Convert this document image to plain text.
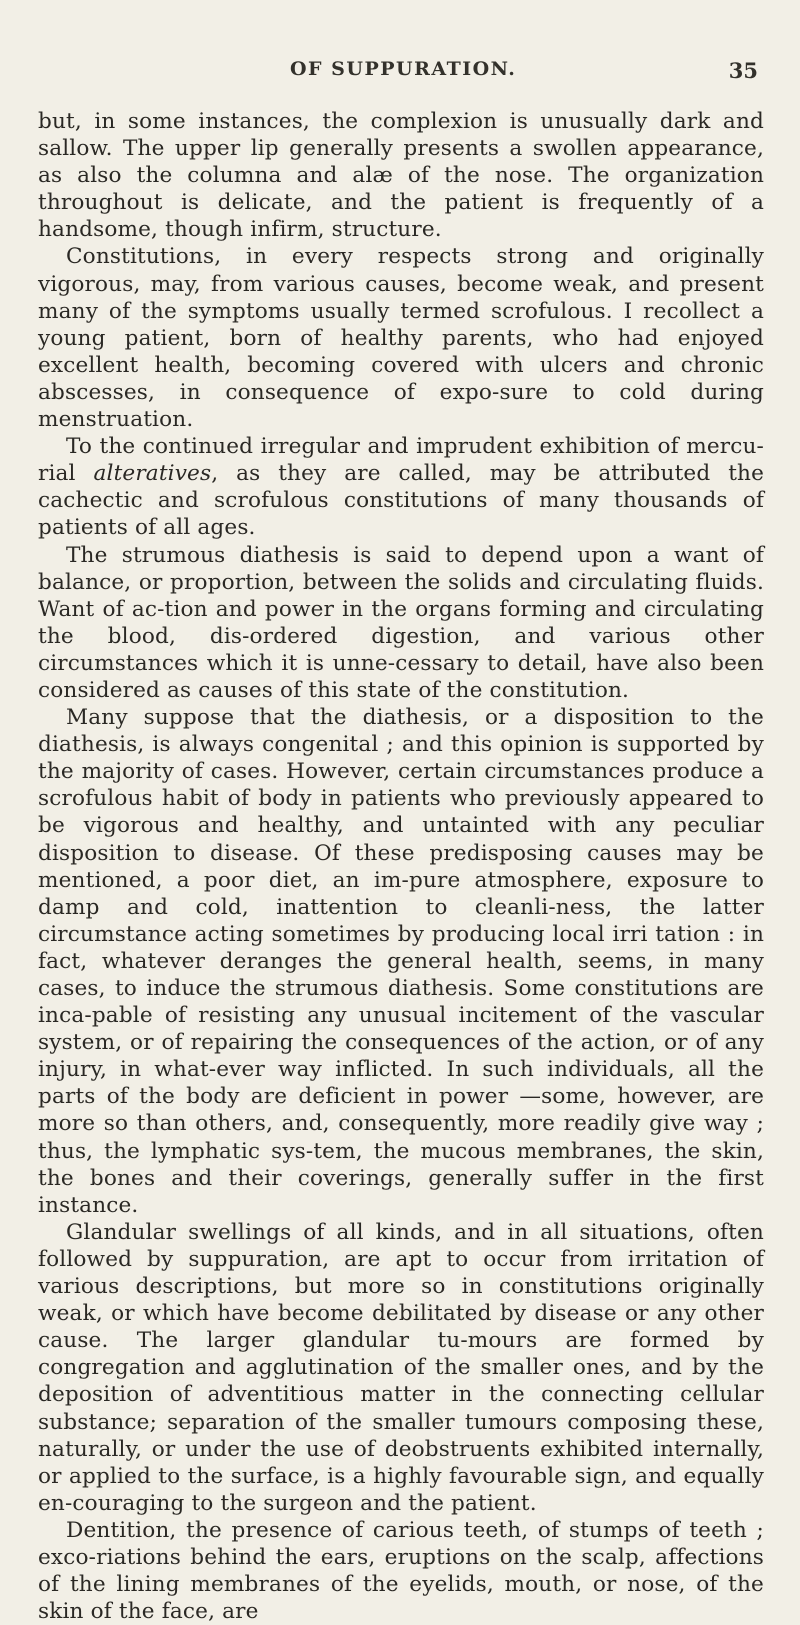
OF SUPPURATION.	35

but, in some instances, the complexion is unusually dark and sallow. The upper lip generally presents a swollen appearance, as also the columna and alæ of the nose. The organization throughout is delicate, and the patient is frequently of a handsome, though infirm, structure.

Constitutions, in every respects strong and originally vigorous, may, from various causes, become weak, and present many of the symptoms usually termed scrofulous. I recollect a young patient, born of healthy parents, who had enjoyed excellent health, becoming covered with ulcers and chronic abscesses, in consequence of expo-sure to cold during menstruation.

To the continued irregular and imprudent exhibition of mercu-rial alteratives, as they are called, may be attributed the cachectic and scrofulous constitutions of many thousands of patients of all ages.

The strumous diathesis is said to depend upon a want of balance, or proportion, between the solids and circulating fluids. Want of ac-tion and power in the organs forming and circulating the blood, dis-ordered digestion, and various other circumstances which it is unne-cessary to detail, have also been considered as causes of this state of the constitution.

Many suppose that the diathesis, or a disposition to the diathesis, is always congenital ; and this opinion is supported by the majority of cases. However, certain circumstances produce a scrofulous habit of body in patients who previously appeared to be vigorous and healthy, and untainted with any peculiar disposition to disease. Of these predisposing causes may be mentioned, a poor diet, an im-pure atmosphere, exposure to damp and cold, inattention to cleanli-ness, the latter circumstance acting sometimes by producing local irri tation : in fact, whatever deranges the general health, seems, in many cases, to induce the strumous diathesis. Some constitutions are inca-pable of resisting any unusual incitement of the vascular system, or of repairing the consequences of the action, or of any injury, in what-ever way inflicted. In such individuals, all the parts of the body are deficient in power —some, however, are more so than others, and, consequently, more readily give way ; thus, the lymphatic sys-tem, the mucous membranes, the skin, the bones and their coverings, generally suffer in the first instance.

Glandular swellings of all kinds, and in all situations, often followed by suppuration, are apt to occur from irritation of various descriptions, but more so in constitutions originally weak, or which have become debilitated by disease or any other cause. The larger glandular tu-mours are formed by congregation and agglutination of the smaller ones, and by the deposition of adventitious matter in the connecting cellular substance; separation of the smaller tumours composing these, naturally, or under the use of deobstruents exhibited internally, or applied to the surface, is a highly favourable sign, and equally en-couraging to the surgeon and the patient.

Dentition, the presence of carious teeth, of stumps of teeth ; exco-riations behind the ears, eruptions on the scalp, affections of the lining membranes of the eyelids, mouth, or nose, of the skin of the face, are
